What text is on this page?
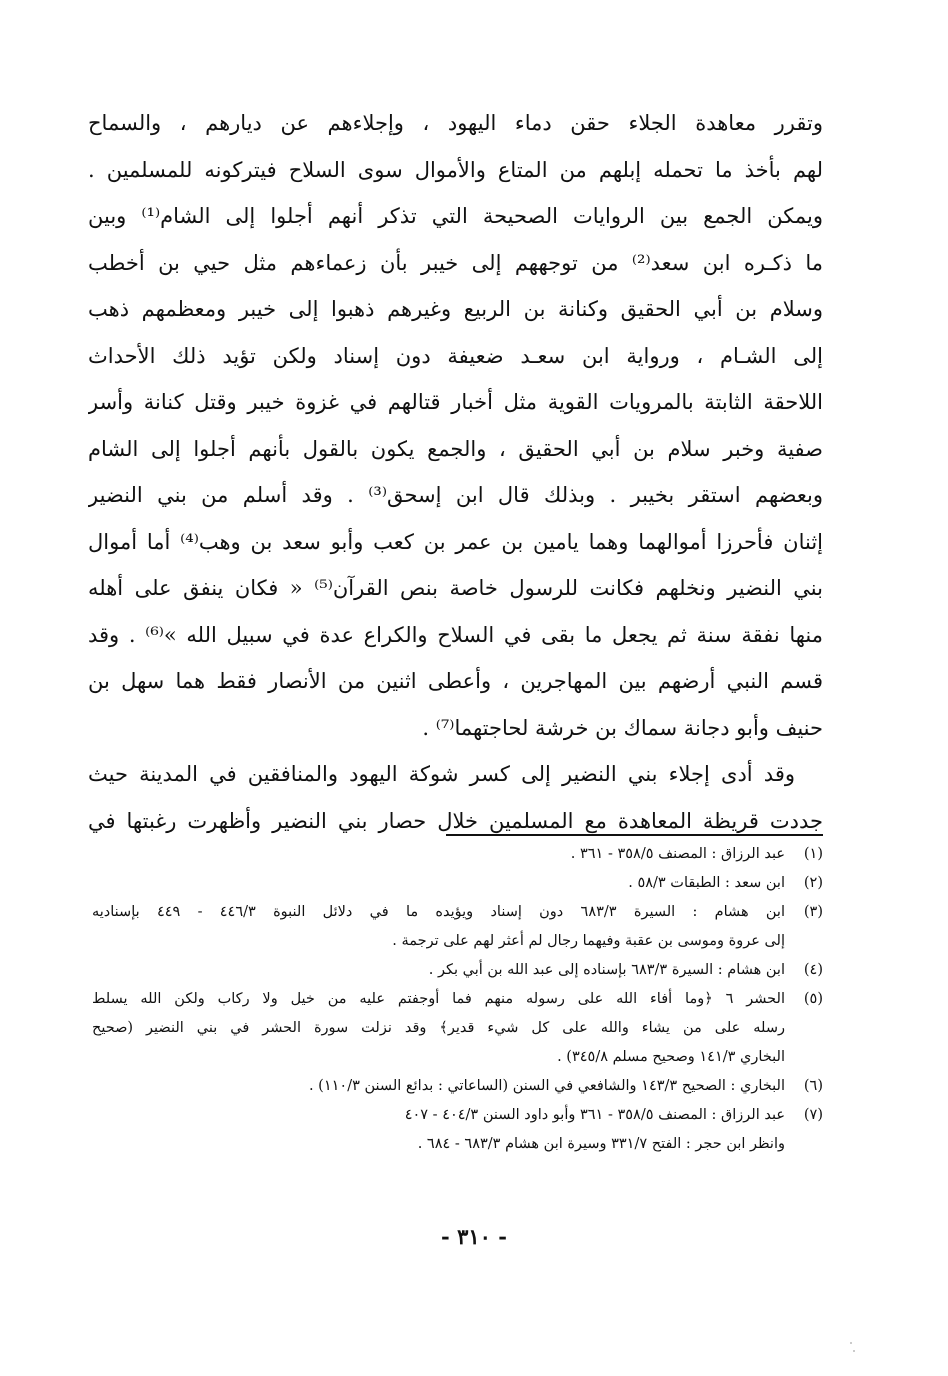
وتقرر معاهدة الجلاء حقن دماء اليهود ، وإجلاءهم عن ديارهم ، والسماح
لهم بأخذ ما تحمله إبلهم من المتاع والأموال سوى السلاح فيتركونه للمسلمين .
ويمكن الجمع بين الروايات الصحيحة التي تذكر أنهم أجلوا إلى الشام⁽¹⁾ وبين
ما ذكـره ابن سعد⁽²⁾ من توجههم إلى خيبر بأن زعماءهم مثل حيي بن أخطب
وسلام بن أبي الحقيق وكنانة بن الربيع وغيرهم ذهبوا إلى خيبر ومعظمهم ذهب
إلى الشـام ، ورواية ابن سعـد ضعيفة دون إسناد ولكن تؤيد ذلك الأحداث
اللاحقة الثابتة بالمرويات القوية مثل أخبار قتالهم في غزوة خيبر وقتل كنانة وأسر
صفية وخبر سلام بن أبي الحقيق ، والجمع يكون بالقول بأنهم أجلوا إلى الشام
وبعضهم استقر بخيبر . وبذلك قال ابن إسحق⁽³⁾ . وقد أسلم من بني النضير
إثنان فأحرزا أموالهما وهما يامين بن عمر بن كعب وأبو سعد بن وهب⁽⁴⁾ أما أموال
بني النضير ونخلهم فكانت للرسول خاصة بنص القرآن⁽⁵⁾ « فكان ينفق على أهله
منها نفقة سنة ثم يجعل ما بقى في السلاح والكراع عدة في سبيل الله »⁽⁶⁾ . وقد
قسم النبي أرضهم بين المهاجرين ، وأعطى اثنين من الأنصار فقط هما سهل بن
حنيف وأبو دجانة سماك بن خرشة لحاجتهما⁽⁷⁾ .
وقد أدى إجلاء بني النضير إلى كسر شوكة اليهود والمنافقين في المدينة حيث
جددت قريظة المعاهدة مع المسلمين خلال حصار بني النضير وأظهرت رغبتها في
(١)
عبد الرزاق : المصنف ٣٥٨/٥ - ٣٦١ .
(٢)
ابن سعد : الطبقات ٥٨/٣ .
(٣)
ابن هشام : السيرة ٦٨٣/٣ دون إسناد ويؤيده ما في دلائل النبوة ٤٤٦/٣ - ٤٤٩ بإسناديه
إلى عروة وموسى بن عقبة وفيهما رجال لم أعثر لهم على ترجمة .
(٤)
ابن هشام : السيرة ٦٨٣/٣ بإسناده إلى عبد الله بن أبي بكر .
(٥)
الحشر ٦ ﴿وما أفاء الله على رسوله منهم فما أوجفتم عليه من خيل ولا ركاب ولكن الله يسلط
رسله على من يشاء والله على كل شيء قدير﴾ وقد نزلت سورة الحشر في بني النضير (صحيح
البخاري ١٤١/٣ وصحيح مسلم ٣٤٥/٨) .
(٦)
البخاري : الصحيح ١٤٣/٣ والشافعي في السنن (الساعاتي : بدائع السنن ١١٠/٣) .
(٧)
عبد الرزاق : المصنف ٣٥٨/٥ - ٣٦١ وأبو داود السنن ٤٠٤/٣ - ٤٠٧
وانظر ابن حجر : الفتح ٣٣١/٧ وسيرة ابن هشام ٦٨٣/٣ - ٦٨٤ .
- ٣١٠ -
